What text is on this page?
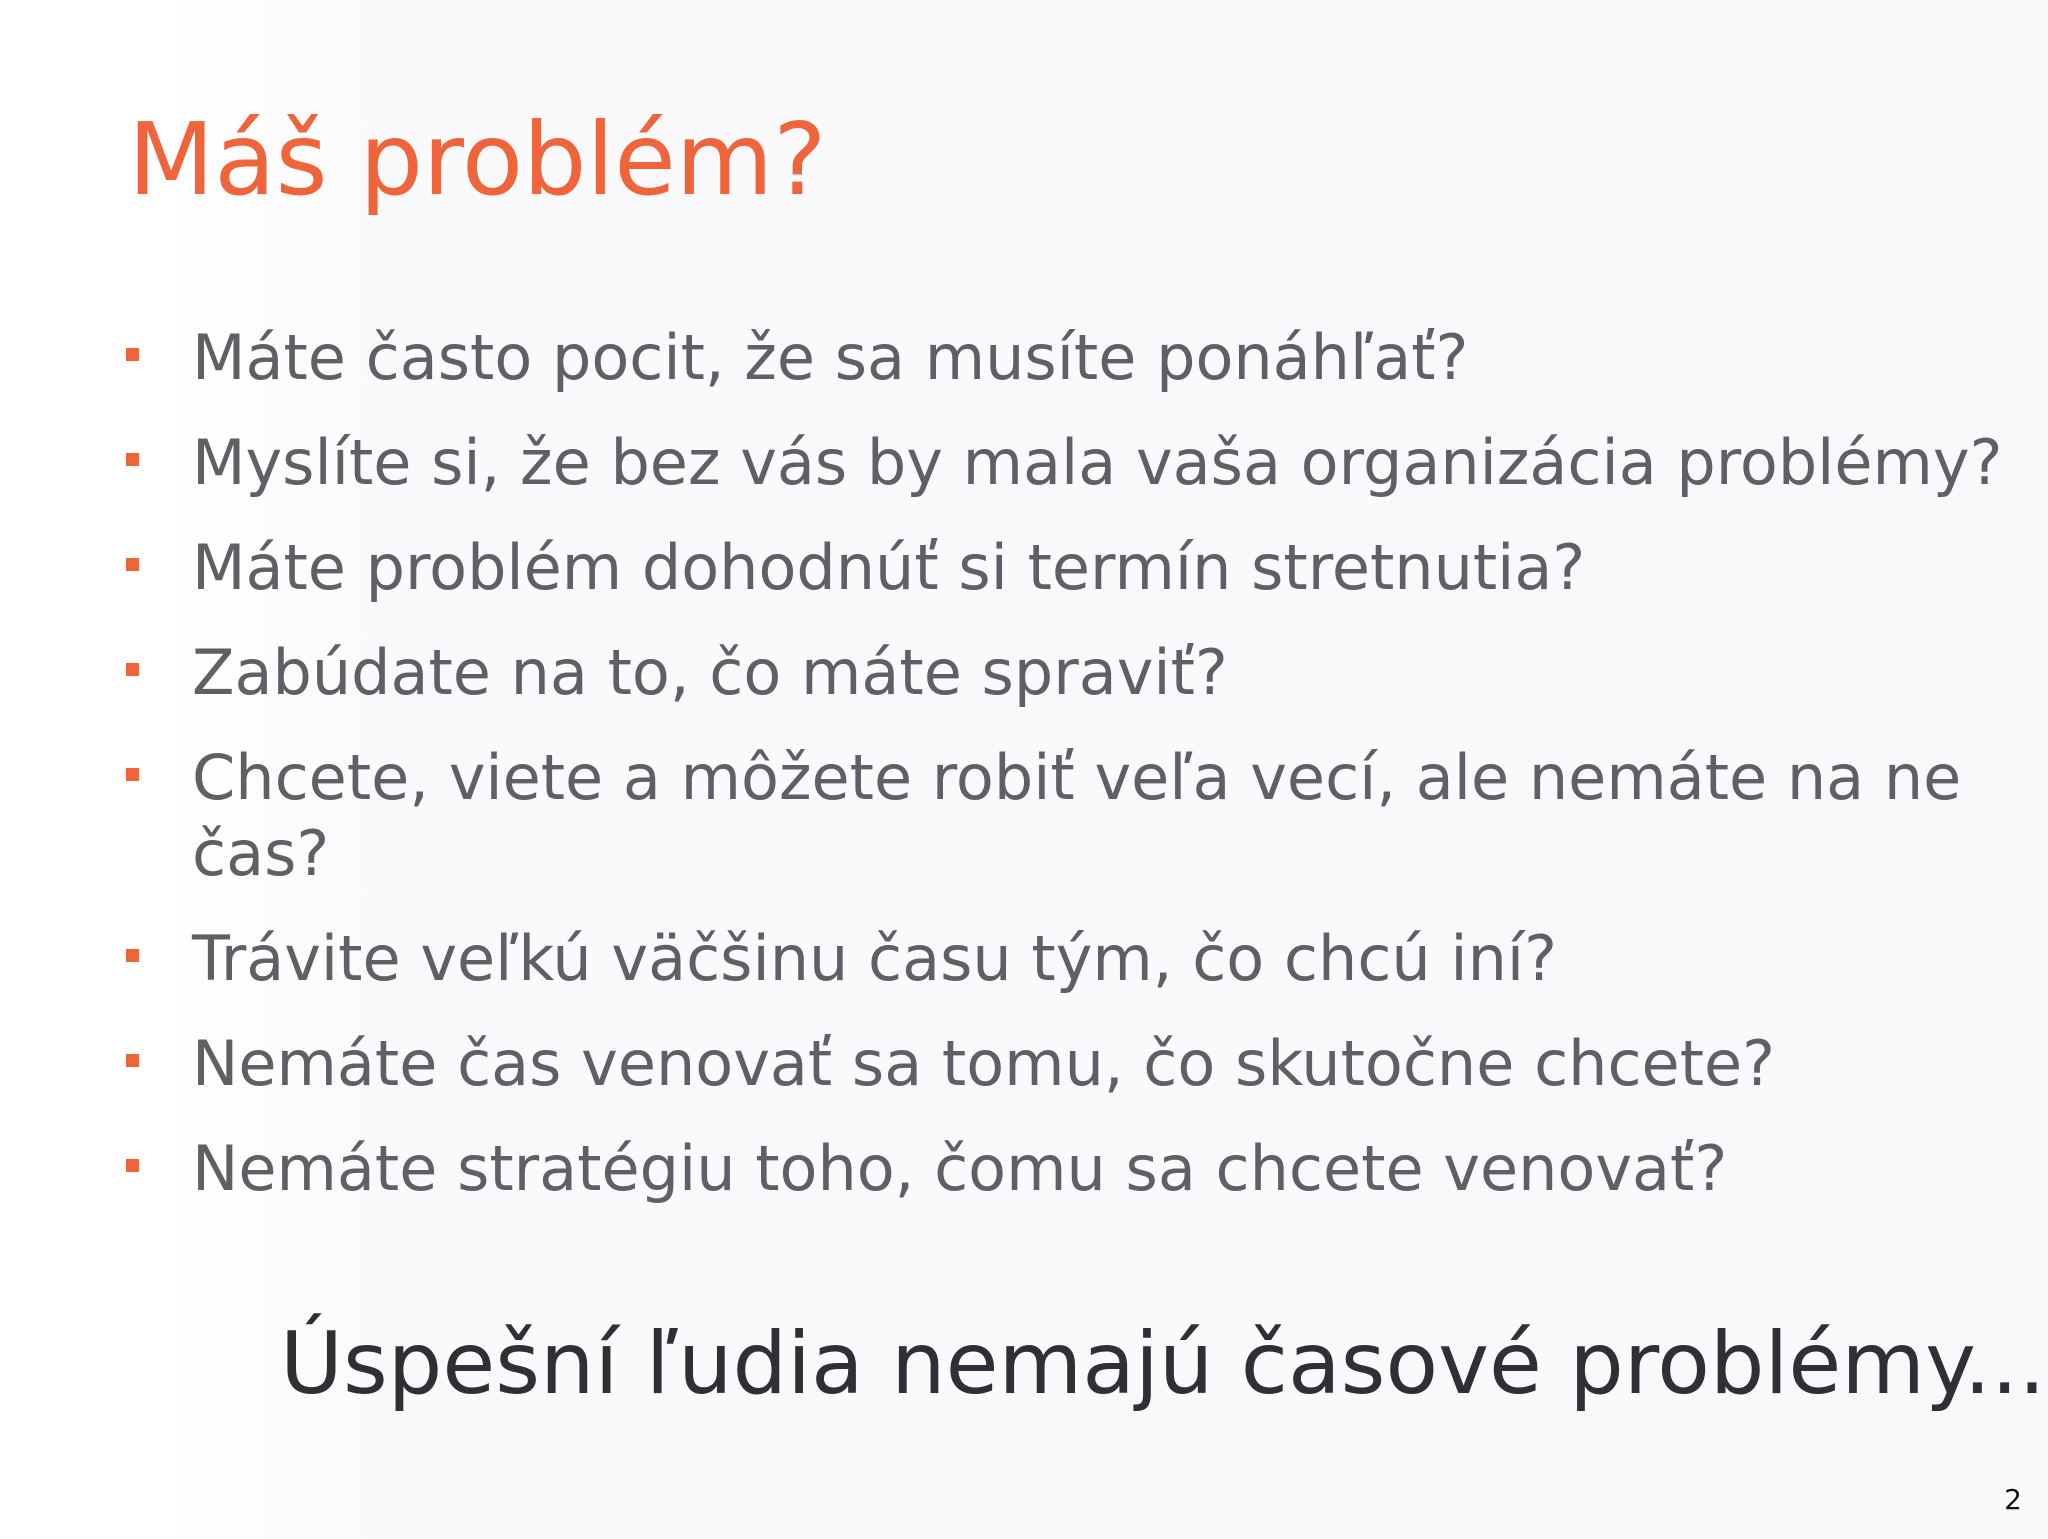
Máš problém?
Máte často pocit, že sa musíte ponáhľať?
Myslíte si, že bez vás by mala vaša organizácia problémy?
Máte problém dohodnúť si termín stretnutia?
Zabúdate na to, čo máte spraviť?
Chcete, viete a môžete robiť veľa vecí, ale nemáte na ne čas?
Trávite veľkú väčšinu času tým, čo chcú iní?
Nemáte čas venovať sa tomu, čo skutočne chcete?
Nemáte stratégiu toho, čomu sa chcete venovať?
Úspešní ľudia nemajú časové problémy...
2
